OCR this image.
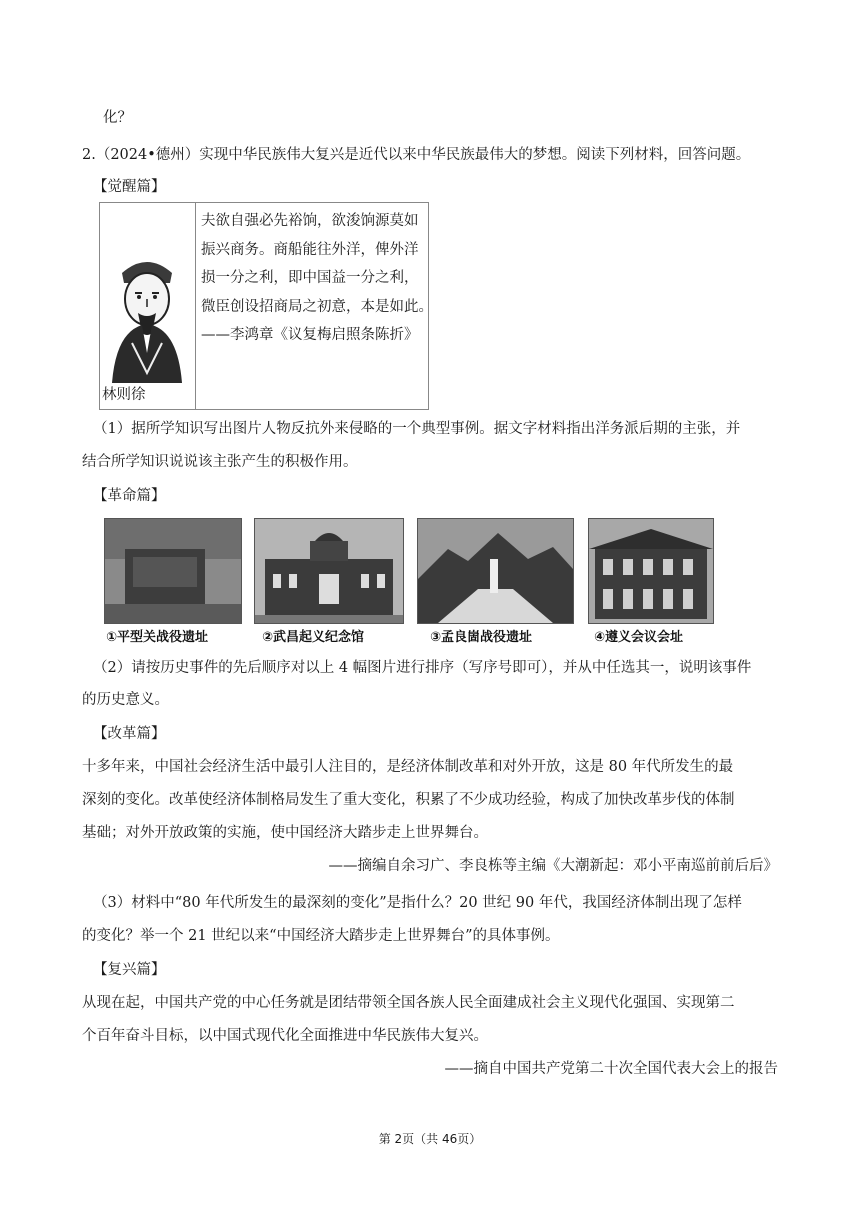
化？
2.（2024•德州）实现中华民族伟大复兴是近代以来中华民族最伟大的梦想。阅读下列材料，回答问题。
【觉醒篇】
林则徐
夫欲自强必先裕饷，欲浚饷源莫如
振兴商务。商船能往外洋，俾外洋
损一分之利，即中国益一分之利，
微臣创设招商局之初意，本是如此。
——李鸿章《议复梅启照条陈折》
（1）据所学知识写出图片人物反抗外来侵略的一个典型事例。据文字材料指出洋务派后期的主张，并
结合所学知识说说该主张产生的积极作用。
【革命篇】
①平型关战役遗址	②武昌起义纪念馆	③孟良崮战役遗址	④遵义会议会址
（2）请按历史事件的先后顺序对以上 4 幅图片进行排序（写序号即可），并从中任选其一，说明该事件
的历史意义。
【改革篇】
十多年来，中国社会经济生活中最引人注目的，是经济体制改革和对外开放，这是 80 年代所发生的最
深刻的变化。改革使经济体制格局发生了重大变化，积累了不少成功经验，构成了加快改革步伐的体制
基础；对外开放政策的实施，使中国经济大踏步走上世界舞台。
——摘编自余习广、李良栋等主编《大潮新起：邓小平南巡前前后后》
（3）材料中“80 年代所发生的最深刻的变化”是指什么？20 世纪 90 年代，我国经济体制出现了怎样
的变化？举一个 21 世纪以来“中国经济大踏步走上世界舞台”的具体事例。
【复兴篇】
从现在起，中国共产党的中心任务就是团结带领全国各族人民全面建成社会主义现代化强国、实现第二
个百年奋斗目标，以中国式现代化全面推进中华民族伟大复兴。
——摘自中国共产党第二十次全国代表大会上的报告
第 2页（共 46页）
